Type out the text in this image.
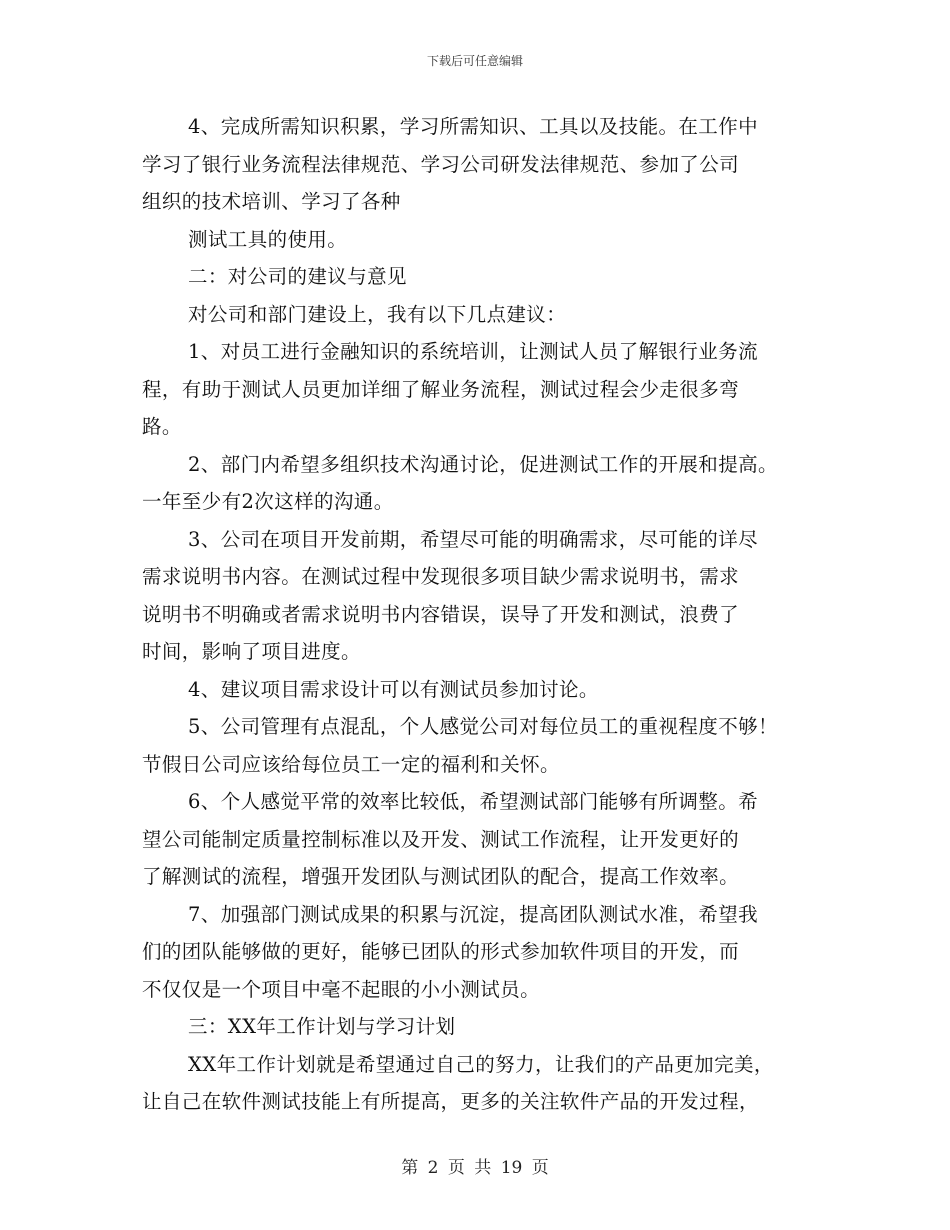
下载后可任意编辑
4、完成所需知识积累，学习所需知识、工具以及技能。在工作中
学习了银行业务流程法律规范、学习公司研发法律规范、参加了公司
组织的技术培训、学习了各种
测试工具的使用。
二：对公司的建议与意见
对公司和部门建设上，我有以下几点建议：
1、对员工进行金融知识的系统培训，让测试人员了解银行业务流
程，有助于测试人员更加详细了解业务流程，测试过程会少走很多弯
路。
2、部门内希望多组织技术沟通讨论，促进测试工作的开展和提高。
一年至少有2次这样的沟通。
3、公司在项目开发前期，希望尽可能的明确需求，尽可能的详尽
需求说明书内容。在测试过程中发现很多项目缺少需求说明书，需求
说明书不明确或者需求说明书内容错误，误导了开发和测试，浪费了
时间，影响了项目进度。
4、建议项目需求设计可以有测试员参加讨论。
5、公司管理有点混乱，个人感觉公司对每位员工的重视程度不够！
节假日公司应该给每位员工一定的福利和关怀。
6、个人感觉平常的效率比较低，希望测试部门能够有所调整。希
望公司能制定质量控制标准以及开发、测试工作流程，让开发更好的
了解测试的流程，增强开发团队与测试团队的配合，提高工作效率。
7、加强部门测试成果的积累与沉淀，提高团队测试水准，希望我
们的团队能够做的更好，能够已团队的形式参加软件项目的开发，而
不仅仅是一个项目中毫不起眼的小小测试员。
三：XX年工作计划与学习计划
XX年工作计划就是希望通过自己的努力，让我们的产品更加完美，
让自己在软件测试技能上有所提高，更多的关注软件产品的开发过程，
第 2 页 共 19 页
